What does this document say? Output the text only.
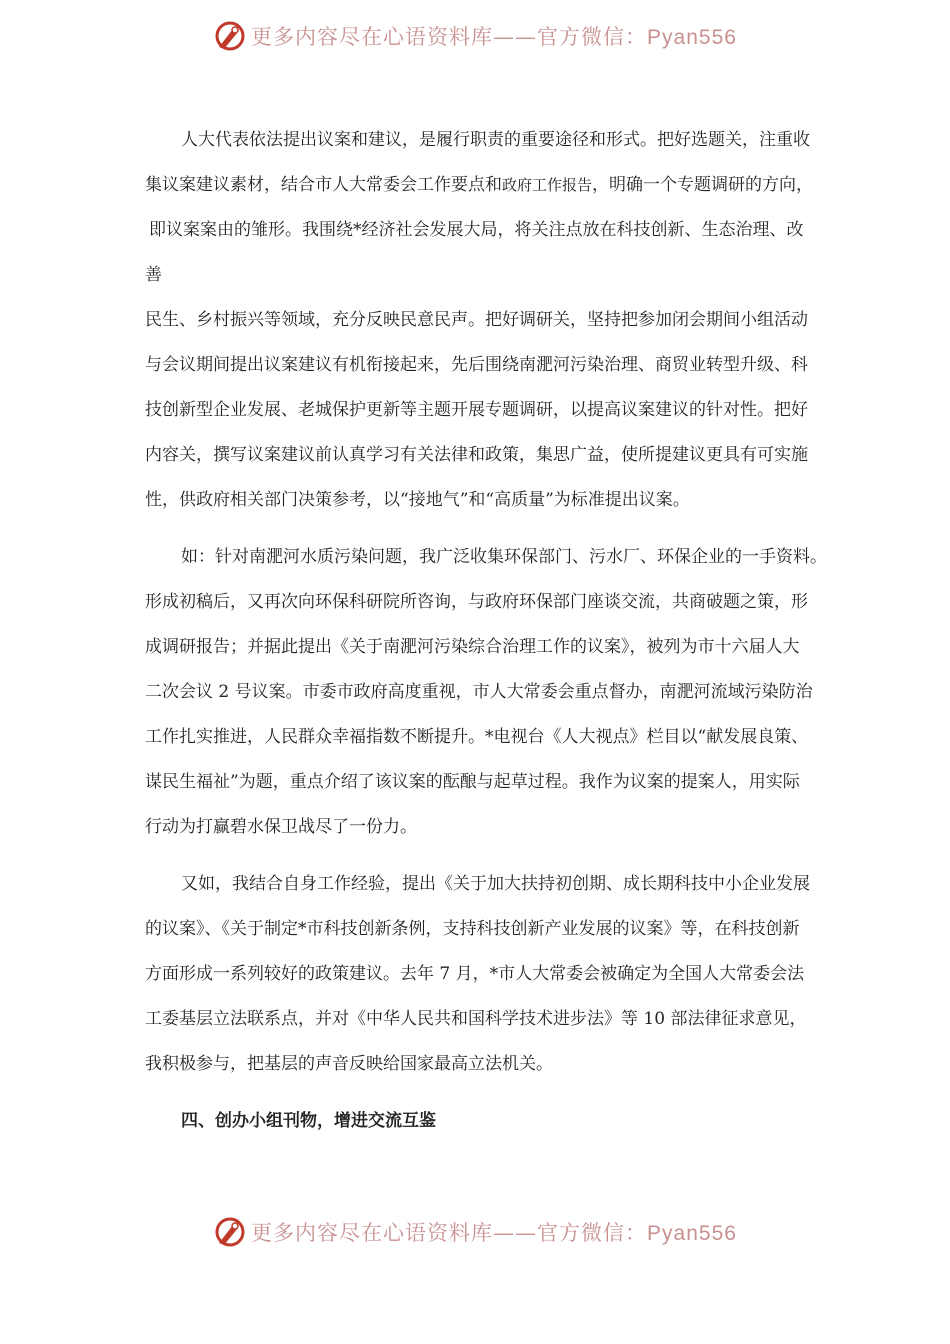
更多内容尽在心语资料库——官方微信：Pyan556
人大代表依法提出议案和建议，是履行职责的重要途径和形式。把好选题关，注重收
集议案建议素材，结合市人大常委会工作要点和政府工作报告，明确一个专题调研的方向，
即议案案由的雏形。我围绕*经济社会发展大局，将关注点放在科技创新、生态治理、改
善
民生、乡村振兴等领域，充分反映民意民声。把好调研关，坚持把参加闭会期间小组活动
与会议期间提出议案建议有机衔接起来，先后围绕南淝河污染治理、商贸业转型升级、科
技创新型企业发展、老城保护更新等主题开展专题调研，以提高议案建议的针对性。把好
内容关，撰写议案建议前认真学习有关法律和政策，集思广益，使所提建议更具有可实施
性，供政府相关部门决策参考，以“接地气”和“高质量”为标准提出议案。
如：针对南淝河水质污染问题，我广泛收集环保部门、污水厂、环保企业的一手资料。
形成初稿后，又再次向环保科研院所咨询，与政府环保部门座谈交流，共商破题之策，形
成调研报告；并据此提出《关于南淝河污染综合治理工作的议案》，被列为市十六届人大
二次会议 2 号议案。市委市政府高度重视，市人大常委会重点督办，南淝河流域污染防治
工作扎实推进，人民群众幸福指数不断提升。*电视台《人大视点》栏目以“献发展良策、
谋民生福祉”为题，重点介绍了该议案的酝酿与起草过程。我作为议案的提案人，用实际
行动为打赢碧水保卫战尽了一份力。
又如，我结合自身工作经验，提出《关于加大扶持初创期、成长期科技中小企业发展
的议案》、《关于制定*市科技创新条例，支持科技创新产业发展的议案》等，在科技创新
方面形成一系列较好的政策建议。去年 7 月，*市人大常委会被确定为全国人大常委会法
工委基层立法联系点，并对《中华人民共和国科学技术进步法》等 10 部法律征求意见，
我积极参与，把基层的声音反映给国家最高立法机关。
四、创办小组刊物，增进交流互鉴
更多内容尽在心语资料库——官方微信：Pyan556
